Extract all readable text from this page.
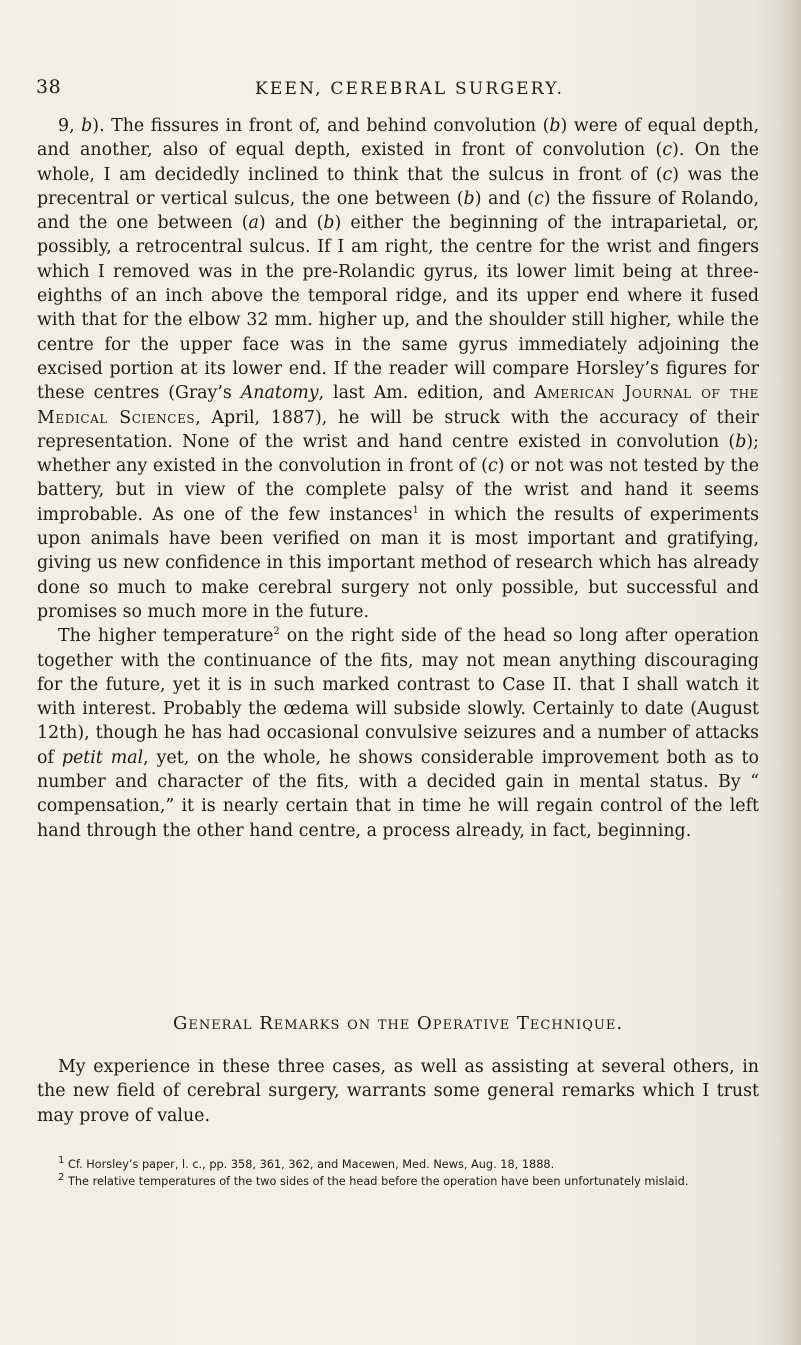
38	KEEN, CEREBRAL SURGERY.

9, b). The fissures in front of, and behind convolution (b) were of equal depth, and another, also of equal depth, existed in front of convolution (c). On the whole, I am decidedly inclined to think that the sulcus in front of (c) was the precentral or vertical sulcus, the one between (b) and (c) the fissure of Rolando, and the one between (a) and (b) either the beginning of the intraparietal, or, possibly, a retrocentral sulcus. If I am right, the centre for the wrist and fingers which I removed was in the pre-Rolandic gyrus, its lower limit being at three-eighths of an inch above the temporal ridge, and its upper end where it fused with that for the elbow 32 mm. higher up, and the shoulder still higher, while the centre for the upper face was in the same gyrus immediately adjoining the excised portion at its lower end. If the reader will compare Horsley’s figures for these centres (Gray’s Anatomy, last Am. edition, and American Journal of the Medical Sciences, April, 1887), he will be struck with the accuracy of their representation. None of the wrist and hand centre existed in convolution (b); whether any existed in the convolution in front of (c) or not was not tested by the battery, but in view of the complete palsy of the wrist and hand it seems improbable. As one of the few instances$^1$ in which the results of experiments upon animals have been verified on man it is most important and gratifying, giving us new confidence in this important method of research which has already done so much to make cerebral surgery not only possible, but successful and promises so much more in the future.

The higher temperature$^2$ on the right side of the head so long after operation together with the continuance of the fits, may not mean anything discouraging for the future, yet it is in such marked contrast to Case II. that I shall watch it with interest. Probably the œdema will subside slowly. Certainly to date (August 12th), though he has had occasional convulsive seizures and a number of attacks of petit mal, yet, on the whole, he shows considerable improvement both as to number and character of the fits, with a decided gain in mental status. By “ compensation,” it is nearly certain that in time he will regain control of the left hand through the other hand centre, a process already, in fact, beginning.

General Remarks on the Operative Technique.

My experience in these three cases, as well as assisting at several others, in the new field of cerebral surgery, warrants some general remarks which I trust may prove of value.

$^1$ Cf. Horsley’s paper, l. c., pp. 358, 361, 362, and Macewen, Med. News, Aug. 18, 1888.

$^2$ The relative temperatures of the two sides of the head before the operation have been unfortunately mislaid.
